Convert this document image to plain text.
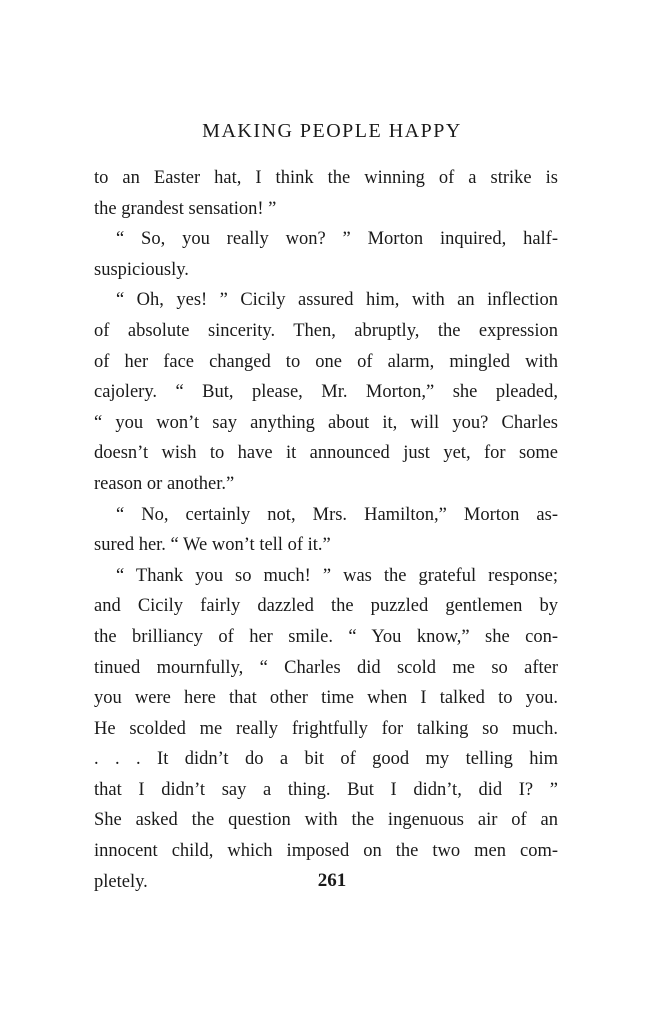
MAKING PEOPLE HAPPY
to an Easter hat, I think the winning of a strike is
the grandest sensation! ”
“ So, you really won? ” Morton inquired, half-
suspiciously.
“ Oh, yes! ” Cicily assured him, with an inflection
of absolute sincerity. Then, abruptly, the expression
of her face changed to one of alarm, mingled with
cajolery. “ But, please, Mr. Morton,” she pleaded,
“ you won’t say anything about it, will you? Charles
doesn’t wish to have it announced just yet, for some
reason or another.”
“ No, certainly not, Mrs. Hamilton,” Morton as-
sured her. “ We won’t tell of it.”
“ Thank you so much! ” was the grateful response;
and Cicily fairly dazzled the puzzled gentlemen by
the brilliancy of her smile. “ You know,” she con-
tinued mournfully, “ Charles did scold me so after
you were here that other time when I talked to you.
He scolded me really frightfully for talking so much.
. . . It didn’t do a bit of good my telling him
that I didn’t say a thing. But I didn’t, did I? ”
She asked the question with the ingenuous air of an
innocent child, which imposed on the two men com-
pletely.	261
